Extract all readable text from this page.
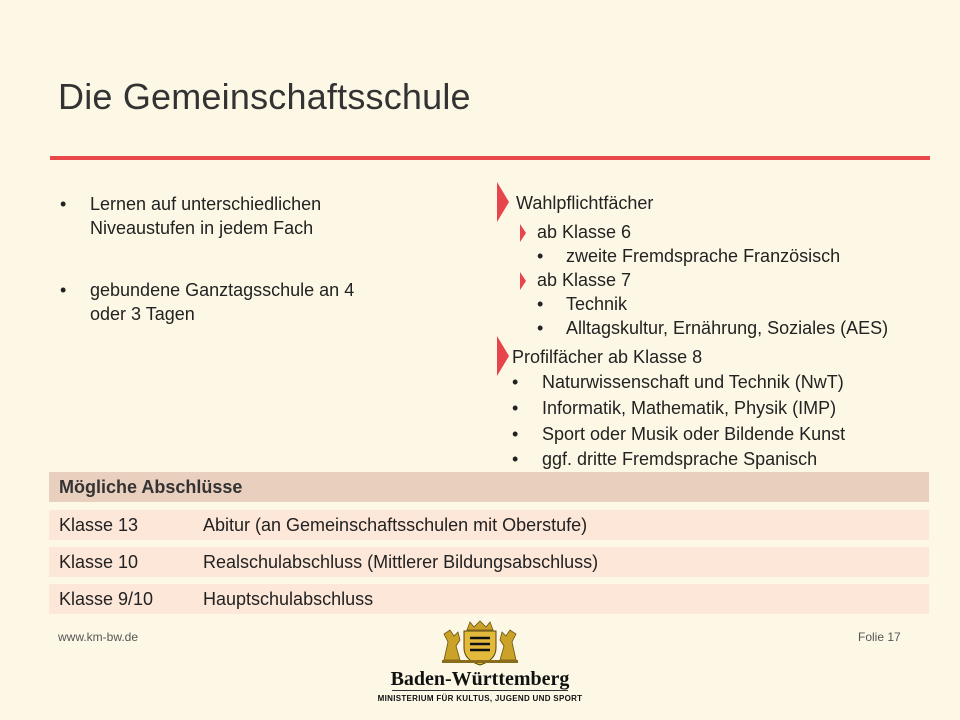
Die Gemeinschaftsschule
• Lernen auf unterschiedlichen
Niveaustufen in jedem Fach
• gebundene Ganztagsschule an 4
oder 3 Tagen
Wahlpflichtfächer
ab Klasse 6
• zweite Fremdsprache Französisch
ab Klasse 7
• Technik
• Alltagskultur, Ernährung, Soziales (AES)
Profilfächer ab Klasse 8
• Naturwissenschaft und Technik (NwT)
• Informatik, Mathematik, Physik (IMP)
• Sport oder Musik oder Bildende Kunst
• ggf. dritte Fremdsprache Spanisch
Mögliche Abschlüsse
Klasse 13	Abitur (an Gemeinschaftsschulen mit Oberstufe)
Klasse 10	Realschulabschluss (Mittlerer Bildungsabschluss)
Klasse 9/10	Hauptschulabschluss
www.km-bw.de	Folie 17
Baden-Württemberg
MINISTERIUM FÜR KULTUS, JUGEND UND SPORT
